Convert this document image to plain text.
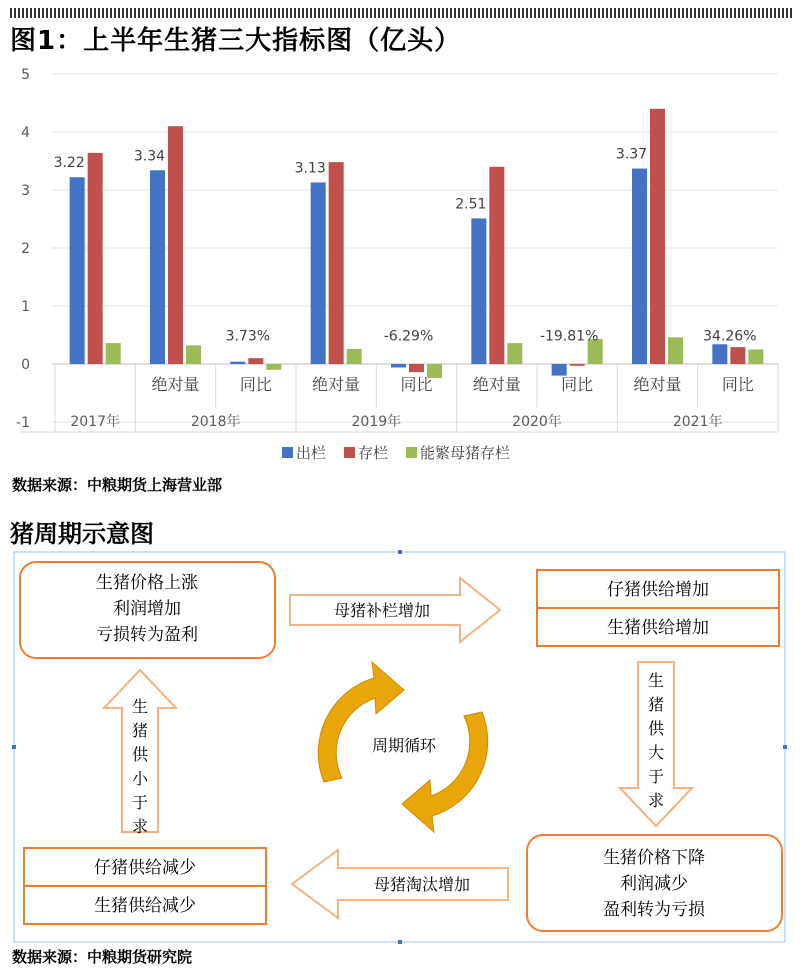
图1：上半年生猪三大指标图（亿头）
-1
0
1
2
3
4
5
3.22	3.34
绝对量
3.73%
同比
3.13
绝对量
-6.29%
同比
2.51
绝对量
-19.81%
同比
3.37
绝对量
34.26%
同比
2017年	2018年	2019年	2020年	2021年
出栏 存栏 能繁母猪存栏
数据来源：中粮期货上海营业部
猪周期示意图
生猪价格上涨
利润增加
亏损转为盈利
母猪补栏增加
仔猪供给增加
生猪供给增加
生
猪
供
大
于
求
生猪价格下降
利润减少
盈利转为亏损
母猪淘汰增加
仔猪供给减少
生猪供给减少
生
猪
供
小
于
求
周期循环
数据来源：中粮期货研究院
